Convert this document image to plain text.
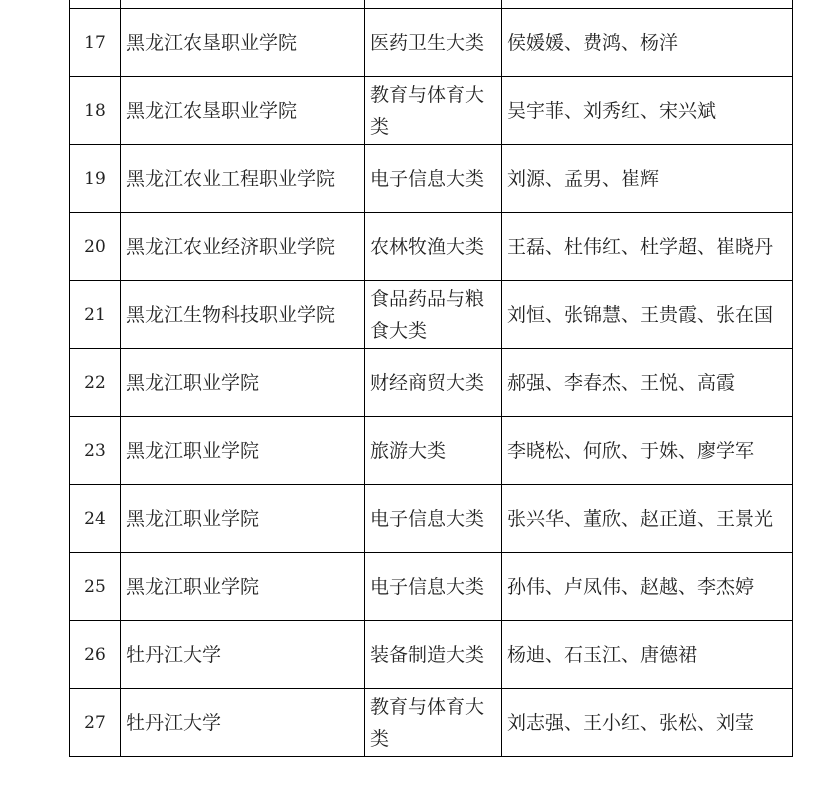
17	黑龙江农垦职业学院	医药卫生大类	侯媛媛、费鸿、杨洋
18	黑龙江农垦职业学院	教育与体育大类	吴宇菲、刘秀红、宋兴斌
19	黑龙江农业工程职业学院	电子信息大类	刘源、孟男、崔辉
20	黑龙江农业经济职业学院	农林牧渔大类	王磊、杜伟红、杜学超、崔晓丹
21	黑龙江生物科技职业学院	食品药品与粮食大类	刘恒、张锦慧、王贵霞、张在国
22	黑龙江职业学院	财经商贸大类	郝强、李春杰、王悦、高霞
23	黑龙江职业学院	旅游大类	李晓松、何欣、于姝、廖学军
24	黑龙江职业学院	电子信息大类	张兴华、董欣、赵正道、王景光
25	黑龙江职业学院	电子信息大类	孙伟、卢凤伟、赵越、李杰婷
26	牡丹江大学	装备制造大类	杨迪、石玉江、唐德裙
27	牡丹江大学	教育与体育大类	刘志强、王小红、张松、刘莹
